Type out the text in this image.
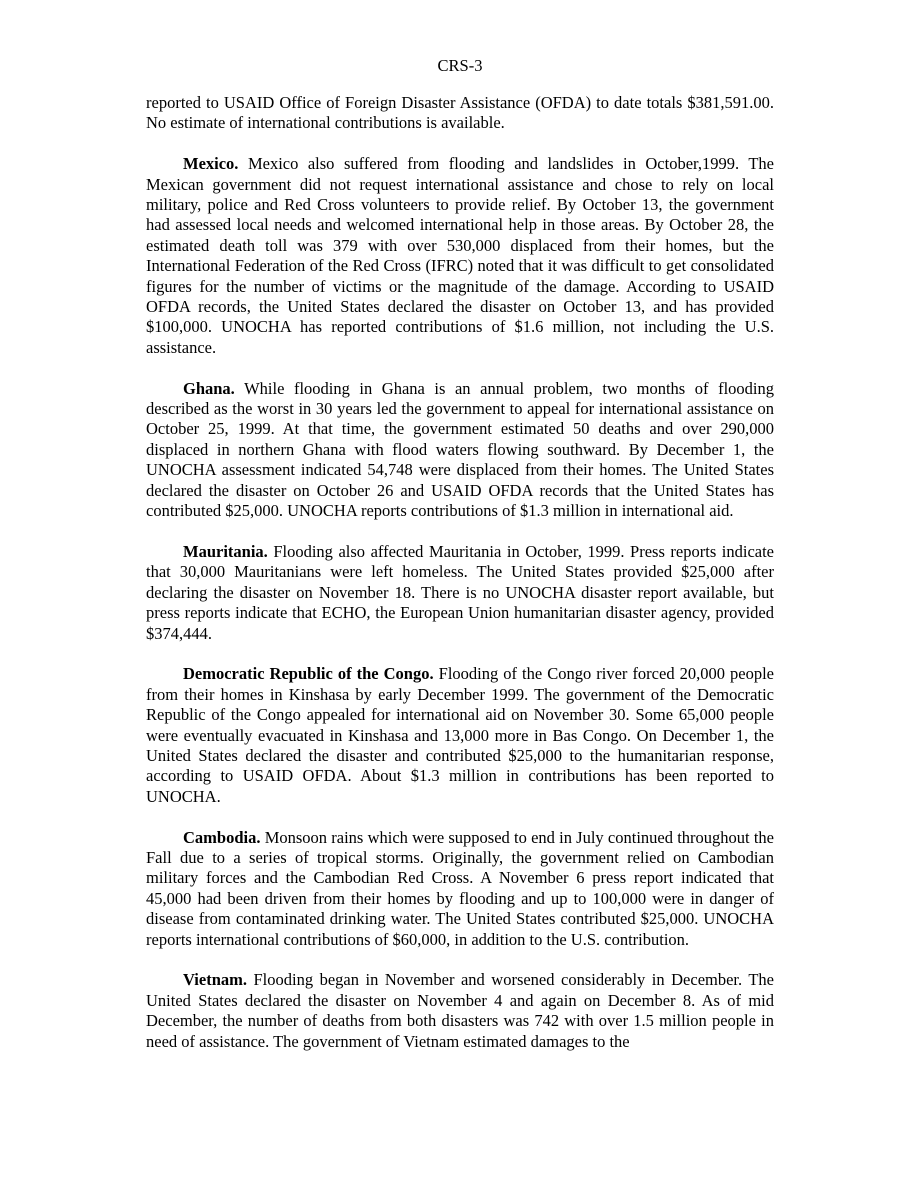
CRS-3

reported to USAID Office of Foreign Disaster Assistance (OFDA) to date totals $381,591.00. No estimate of international contributions is available.

Mexico. Mexico also suffered from flooding and landslides in October,1999. The Mexican government did not request international assistance and chose to rely on local military, police and Red Cross volunteers to provide relief. By October 13, the government had assessed local needs and welcomed international help in those areas. By October 28, the estimated death toll was 379 with over 530,000 displaced from their homes, but the International Federation of the Red Cross (IFRC) noted that it was difficult to get consolidated figures for the number of victims or the magnitude of the damage. According to USAID OFDA records, the United States declared the disaster on October 13, and has provided $100,000. UNOCHA has reported contributions of $1.6 million, not including the U.S. assistance.

Ghana. While flooding in Ghana is an annual problem, two months of flooding described as the worst in 30 years led the government to appeal for international assistance on October 25, 1999. At that time, the government estimated 50 deaths and over 290,000 displaced in northern Ghana with flood waters flowing southward. By December 1, the UNOCHA assessment indicated 54,748 were displaced from their homes. The United States declared the disaster on October 26 and USAID OFDA records that the United States has contributed $25,000. UNOCHA reports contributions of $1.3 million in international aid.

Mauritania. Flooding also affected Mauritania in October, 1999. Press reports indicate that 30,000 Mauritanians were left homeless. The United States provided $25,000 after declaring the disaster on November 18. There is no UNOCHA disaster report available, but press reports indicate that ECHO, the European Union humanitarian disaster agency, provided $374,444.

Democratic Republic of the Congo. Flooding of the Congo river forced 20,000 people from their homes in Kinshasa by early December 1999. The government of the Democratic Republic of the Congo appealed for international aid on November 30. Some 65,000 people were eventually evacuated in Kinshasa and 13,000 more in Bas Congo. On December 1, the United States declared the disaster and contributed $25,000 to the humanitarian response, according to USAID OFDA. About $1.3 million in contributions has been reported to UNOCHA.

Cambodia. Monsoon rains which were supposed to end in July continued throughout the Fall due to a series of tropical storms. Originally, the government relied on Cambodian military forces and the Cambodian Red Cross. A November 6 press report indicated that 45,000 had been driven from their homes by flooding and up to 100,000 were in danger of disease from contaminated drinking water. The United States contributed $25,000. UNOCHA reports international contributions of $60,000, in addition to the U.S. contribution.

Vietnam. Flooding began in November and worsened considerably in December. The United States declared the disaster on November 4 and again on December 8. As of mid December, the number of deaths from both disasters was 742 with over 1.5 million people in need of assistance. The government of Vietnam estimated damages to the
